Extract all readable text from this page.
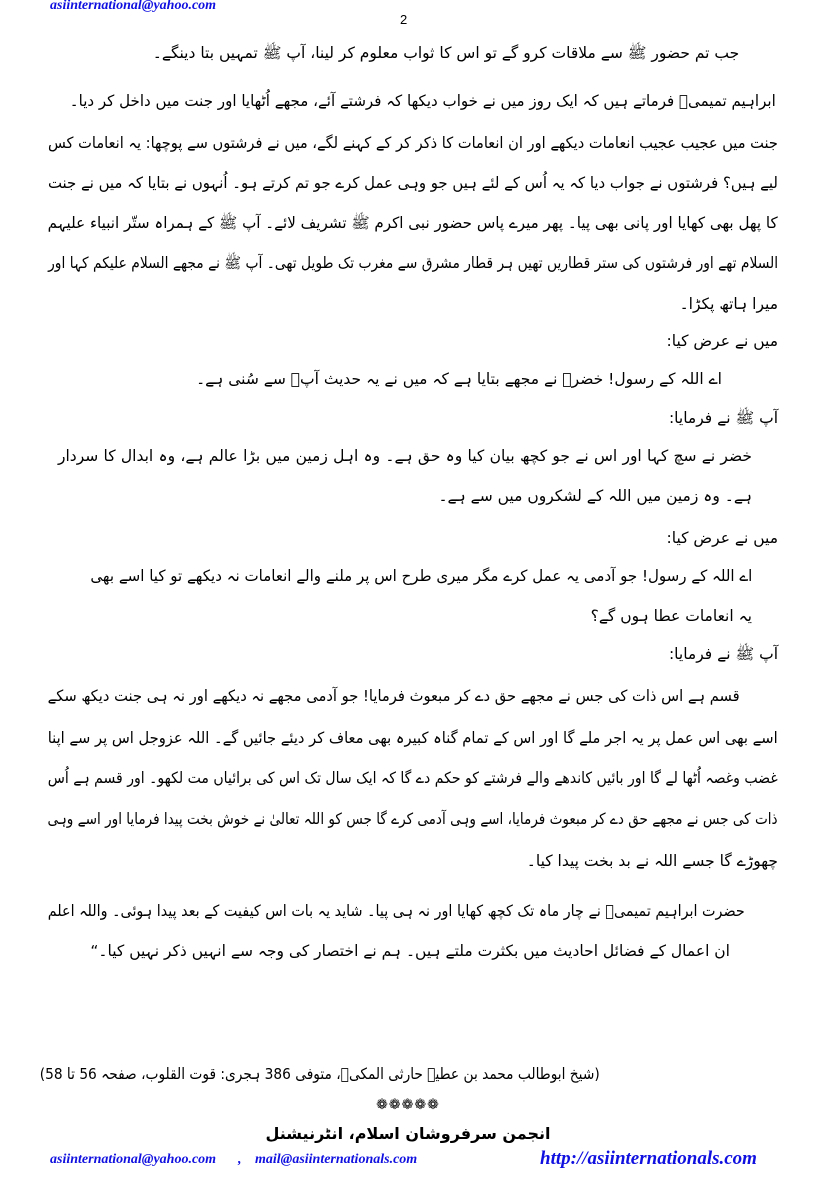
asiinternational@yahoo.com
2
جب تم حضور ﷺ سے ملاقات کرو گے تو اس کا ثواب معلوم کر لینا، آپ ﷺ تمہیں بتا دینگے۔
ابراہیم تمیمیؒ فرماتے ہیں کہ ایک روز میں نے خواب دیکھا کہ فرشتے آئے، مجھے اُٹھایا اور جنت میں داخل کر دیا۔
جنت میں عجیب عجیب انعامات دیکھے اور ان انعامات کا ذکر کر کے کہنے لگے، میں نے فرشتوں سے پوچھا: یہ انعامات کس
لیے ہیں؟ فرشتوں نے جواب دیا کہ یہ اُس کے لئے ہیں جو وہی عمل کرے جو تم کرتے ہو۔ اُنہوں نے بتایا کہ میں نے جنت
کا پھل بھی کھایا اور پانی بھی پیا۔ پھر میرے پاس حضور نبی اکرم ﷺ تشریف لائے۔ آپ ﷺ کے ہمراہ ستّر انبیاء علیہم
السلام تھے اور فرشتوں کی ستر قطاریں تھیں ہر قطار مشرق سے مغرب تک طویل تھی۔ آپ ﷺ نے مجھے السلام علیکم کہا اور
میرا ہاتھ پکڑا۔
میں نے عرض کیا:
اے اللہ کے رسول! خضرؑ نے مجھے بتایا ہے کہ میں نے یہ حدیث آپؐ سے سُنی ہے۔
آپ ﷺ نے فرمایا:
خضر نے سچ کہا اور اس نے جو کچھ بیان کیا وہ حق ہے۔ وہ اہل زمین میں بڑا عالم ہے، وہ ابدال کا سردار
ہے۔ وہ زمین میں اللہ کے لشکروں میں سے ہے۔
میں نے عرض کیا:
اے اللہ کے رسول! جو آدمی یہ عمل کرے مگر میری طرح اس پر ملنے والے انعامات نہ دیکھے تو کیا اسے بھی
یہ انعامات عطا ہوں گے؟
آپ ﷺ نے فرمایا:
قسم ہے اس ذات کی جس نے مجھے حق دے کر مبعوث فرمایا! جو آدمی مجھے نہ دیکھے اور نہ ہی جنت دیکھ سکے
اسے بھی اس عمل پر یہ اجر ملے گا اور اس کے تمام گناہ کبیرہ بھی معاف کر دیئے جائیں گے۔ اللہ عزوجل اس پر سے اپنا
غضب وغصہ اُٹھا لے گا اور بائیں کاندھے والے فرشتے کو حکم دے گا کہ ایک سال تک اس کی برائیاں مت لکھو۔ اور قسم ہے اُس
ذات کی جس نے مجھے حق دے کر مبعوث فرمایا، اسے وہی آدمی کرے گا جس کو اللہ تعالیٰ نے خوش بخت پیدا فرمایا اور اسے وہی
چھوڑے گا جسے اللہ نے بد بخت پیدا کیا۔
حضرت ابراہیم تمیمیؒ نے چار ماہ تک کچھ کھایا اور نہ ہی پیا۔ شاید یہ بات اس کیفیت کے بعد پیدا ہوئی۔ واللہ اعلم
ان اعمال کے فضائل احادیث میں بکثرت ملتے ہیں۔ ہم نے اختصار کی وجہ سے انہیں ذکر نہیں کیا۔“
(شیخ ابوطالب محمد بن عطیہ حارثی المکیؒ، متوفی 386 ہجری: قوت القلوب، صفحہ 56 تا 58)
❁❁❁❁❁
انجمن سرفروشان اسلام، انٹرنیشنل
asiinternational@yahoo.com , mail@asiinternationals.com	http://asiinternationals.com
